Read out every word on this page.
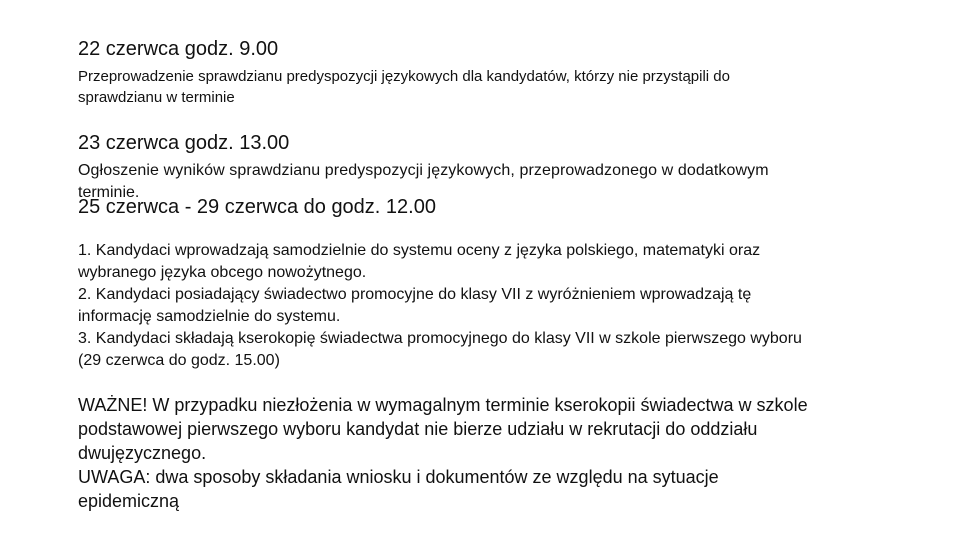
22 czerwca godz. 9.00
Przeprowadzenie sprawdzianu predyspozycji językowych dla kandydatów, którzy nie przystąpili do
sprawdzianu w terminie
23 czerwca godz. 13.00
Ogłoszenie wyników sprawdzianu predyspozycji językowych, przeprowadzonego w dodatkowym
terminie.
25 czerwca - 29 czerwca do godz. 12.00
1. Kandydaci wprowadzają samodzielnie do systemu oceny z języka polskiego, matematyki oraz
wybranego języka obcego nowożytnego.
2. Kandydaci posiadający świadectwo promocyjne do klasy VII z wyróżnieniem wprowadzają tę
informację samodzielnie do systemu.
3. Kandydaci składają kserokopię świadectwa promocyjnego do klasy VII w szkole pierwszego wyboru
(29 czerwca do godz. 15.00)
WAŻNE! W przypadku niezłożenia w wymagalnym terminie kserokopii świadectwa w szkole
podstawowej pierwszego wyboru kandydat nie bierze udziału w rekrutacji do oddziału
dwujęzycznego.
UWAGA: dwa sposoby składania wniosku i dokumentów ze względu na sytuacje
epidemiczną
